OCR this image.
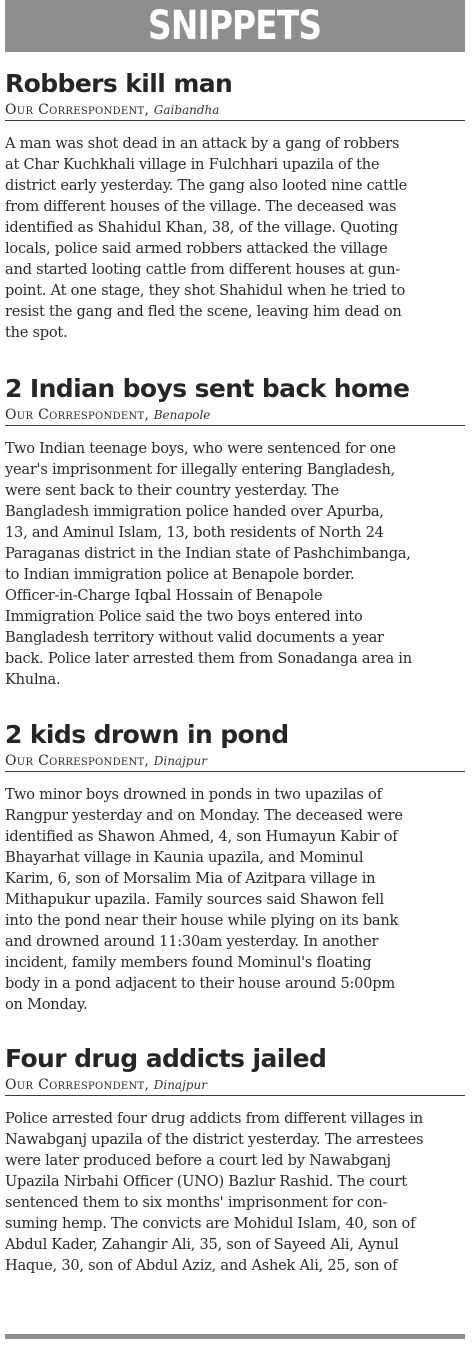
SNIPPETS
Robbers kill man
Our Correspondent, Gaibandha
A man was shot dead in an attack by a gang of robbers
at Char Kuchkhali village in Fulchhari upazila of the
district early yesterday. The gang also looted nine cattle
from different houses of the village. The deceased was
identified as Shahidul Khan, 38, of the village. Quoting
locals, police said armed robbers attacked the village
and started looting cattle from different houses at gun-
point. At one stage, they shot Shahidul when he tried to
resist the gang and fled the scene, leaving him dead on
the spot.
2 Indian boys sent back home
Our Correspondent, Benapole
Two Indian teenage boys, who were sentenced for one
year's imprisonment for illegally entering Bangladesh,
were sent back to their country yesterday. The
Bangladesh immigration police handed over Apurba,
13, and Aminul Islam, 13, both residents of North 24
Paraganas district in the Indian state of Pashchimbanga,
to Indian immigration police at Benapole border.
Officer-in-Charge Iqbal Hossain of Benapole
Immigration Police said the two boys entered into
Bangladesh territory without valid documents a year
back. Police later arrested them from Sonadanga area in
Khulna.
2 kids drown in pond
Our Correspondent, Dinajpur
Two minor boys drowned in ponds in two upazilas of
Rangpur yesterday and on Monday. The deceased were
identified as Shawon Ahmed, 4, son Humayun Kabir of
Bhayarhat village in Kaunia upazila, and Mominul
Karim, 6, son of Morsalim Mia of Azitpara village in
Mithapukur upazila. Family sources said Shawon fell
into the pond near their house while plying on its bank
and drowned around 11:30am yesterday. In another
incident, family members found Mominul's floating
body in a pond adjacent to their house around 5:00pm
on Monday.
Four drug addicts jailed
Our Correspondent, Dinajpur
Police arrested four drug addicts from different villages in
Nawabganj upazila of the district yesterday. The arrestees
were later produced before a court led by Nawabganj
Upazila Nirbahi Officer (UNO) Bazlur Rashid. The court
sentenced them to six months' imprisonment for con-
suming hemp. The convicts are Mohidul Islam, 40, son of
Abdul Kader, Zahangir Ali, 35, son of Sayeed Ali, Aynul
Haque, 30, son of Abdul Aziz, and Ashek Ali, 25, son of
